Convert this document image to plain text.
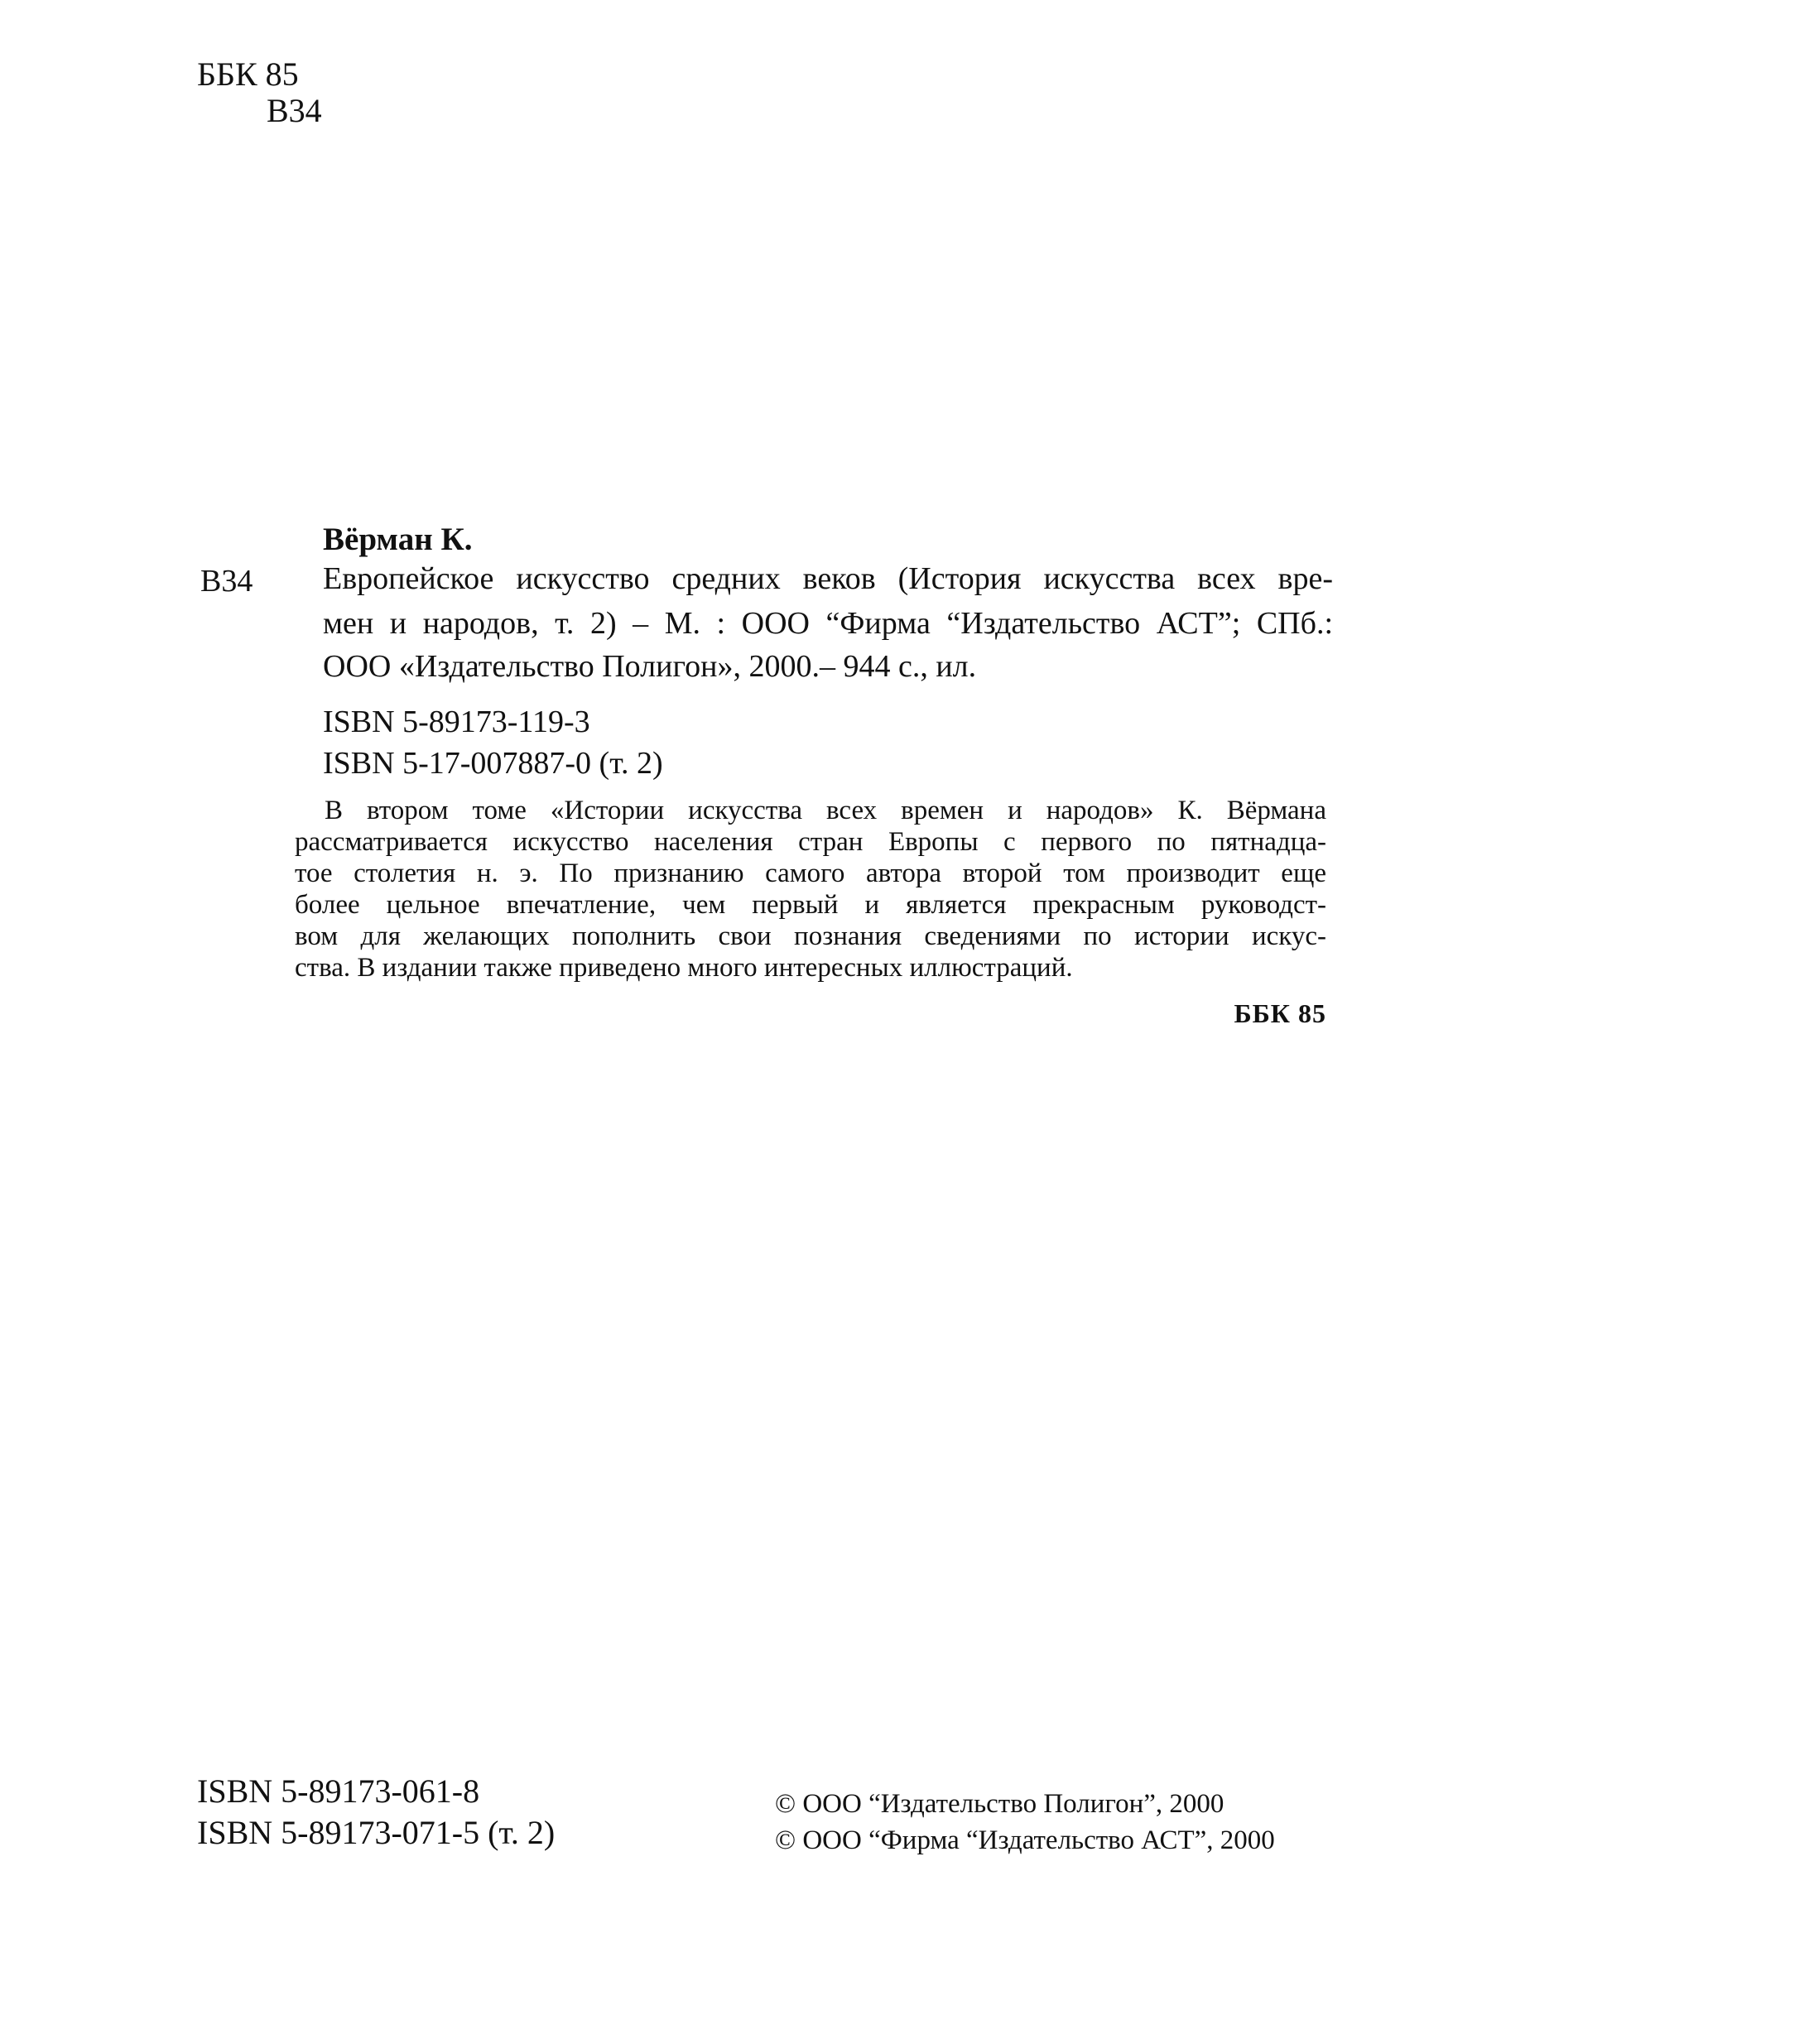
ББК 85
В34
Вёрман К.
В34 Европейское искусство средних веков (История искусства всех вре-
мен и народов, т. 2) – М. : ООО “Фирма “Издательство АСТ”; СПб.:
ООО «Издательство Полигон», 2000.– 944 с., ил.
ISBN 5-89173-119-3
ISBN 5-17-007887-0 (т. 2)
В втором томе «Истории искусства всех времен и народов» К. Вёрмана
рассматривается искусство населения стран Европы с первого по пятнадца-
тое столетия н. э. По признанию самого автора второй том производит еще
более цельное впечатление, чем первый и является прекрасным руководст-
вом для желающих пополнить свои познания сведениями по истории искус-
ства. В издании также приведено много интересных иллюстраций.
ББК 85
ISBN 5-89173-061-8
ISBN 5-89173-071-5 (т. 2)
© ООО “Издательство Полигон”, 2000
© ООО “Фирма “Издательство АСТ”, 2000
